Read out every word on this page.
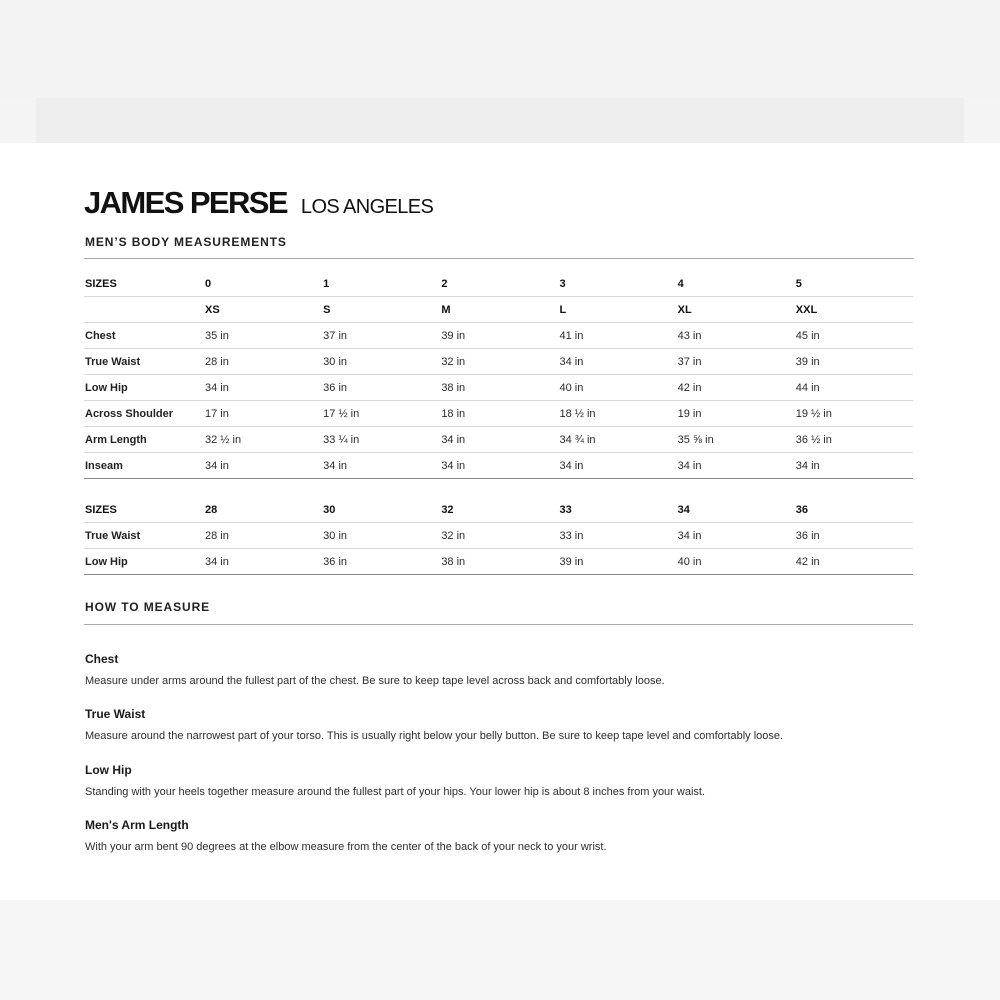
JAMES PERSE LOS ANGELES
MEN’S BODY MEASUREMENTS
SIZES	0	1	2	3	4	5
	XS	S	M	L	XL	XXL
Chest	35 in	37 in	39 in	41 in	43 in	45 in
True Waist	28 in	30 in	32 in	34 in	37 in	39 in
Low Hip	34 in	36 in	38 in	40 in	42 in	44 in
Across Shoulder	17 in	17 ½ in	18 in	18 ½ in	19 in	19 ½ in
Arm Length	32 ½ in	33 ¼ in	34 in	34 ¾ in	35 ⅝ in	36 ½ in
Inseam	34 in	34 in	34 in	34 in	34 in	34 in
SIZES	28	30	32	33	34	36
True Waist	28 in	30 in	32 in	33 in	34 in	36 in
Low Hip	34 in	36 in	38 in	39 in	40 in	42 in
HOW TO MEASURE
Chest
Measure under arms around the fullest part of the chest. Be sure to keep tape level across back and comfortably loose.
True Waist
Measure around the narrowest part of your torso. This is usually right below your belly button. Be sure to keep tape level and comfortably loose.
Low Hip
Standing with your heels together measure around the fullest part of your hips. Your lower hip is about 8 inches from your waist.
Men's Arm Length
With your arm bent 90 degrees at the elbow measure from the center of the back of your neck to your wrist.
